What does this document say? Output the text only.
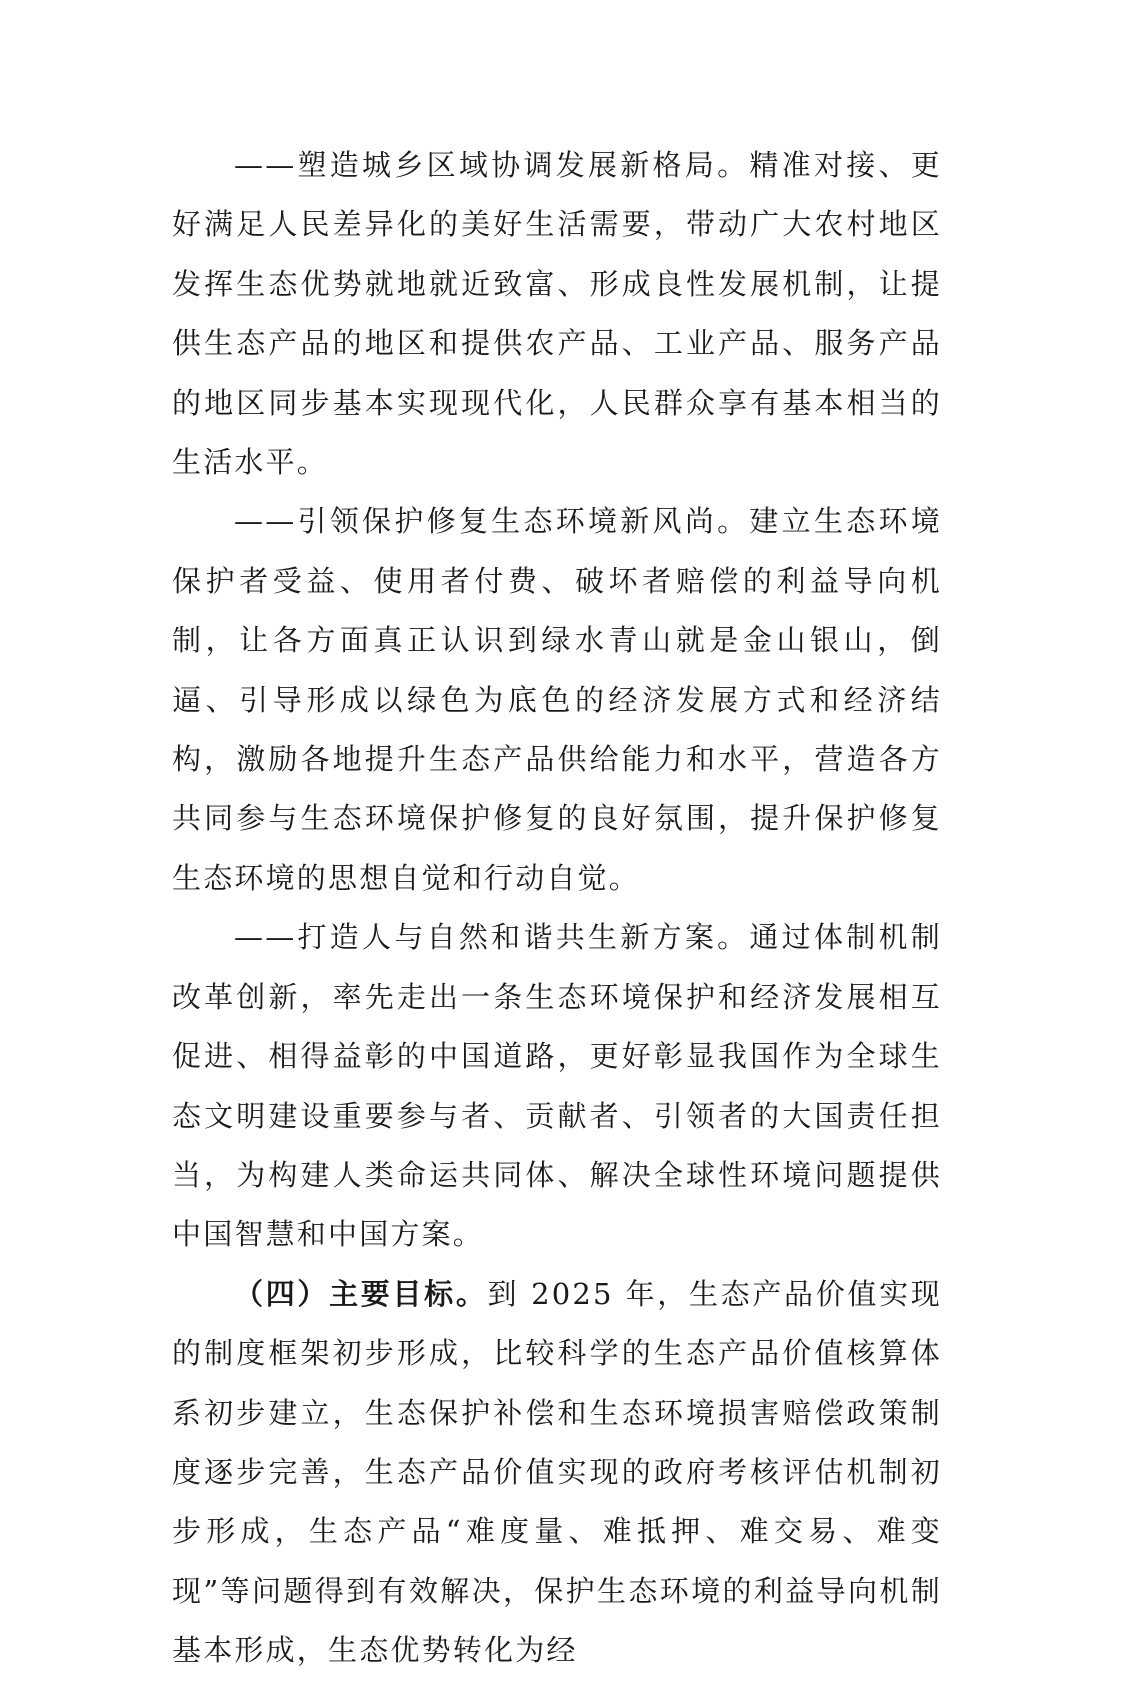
——塑造城乡区域协调发展新格局。精准对接、更好满足人民差异化的美好生活需要，带动广大农村地区发挥生态优势就地就近致富、形成良性发展机制，让提供生态产品的地区和提供农产品、工业产品、服务产品的地区同步基本实现现代化，人民群众享有基本相当的生活水平。

——引领保护修复生态环境新风尚。建立生态环境保护者受益、使用者付费、破坏者赔偿的利益导向机制，让各方面真正认识到绿水青山就是金山银山，倒逼、引导形成以绿色为底色的经济发展方式和经济结构，激励各地提升生态产品供给能力和水平，营造各方共同参与生态环境保护修复的良好氛围，提升保护修复生态环境的思想自觉和行动自觉。

——打造人与自然和谐共生新方案。通过体制机制改革创新，率先走出一条生态环境保护和经济发展相互促进、相得益彰的中国道路，更好彰显我国作为全球生态文明建设重要参与者、贡献者、引领者的大国责任担当，为构建人类命运共同体、解决全球性环境问题提供中国智慧和中国方案。

（四）主要目标。到 2025 年，生态产品价值实现的制度框架初步形成，比较科学的生态产品价值核算体系初步建立，生态保护补偿和生态环境损害赔偿政策制度逐步完善，生态产品价值实现的政府考核评估机制初步形成，生态产品“难度量、难抵押、难交易、难变现”等问题得到有效解决，保护生态环境的利益导向机制基本形成，生态优势转化为经
